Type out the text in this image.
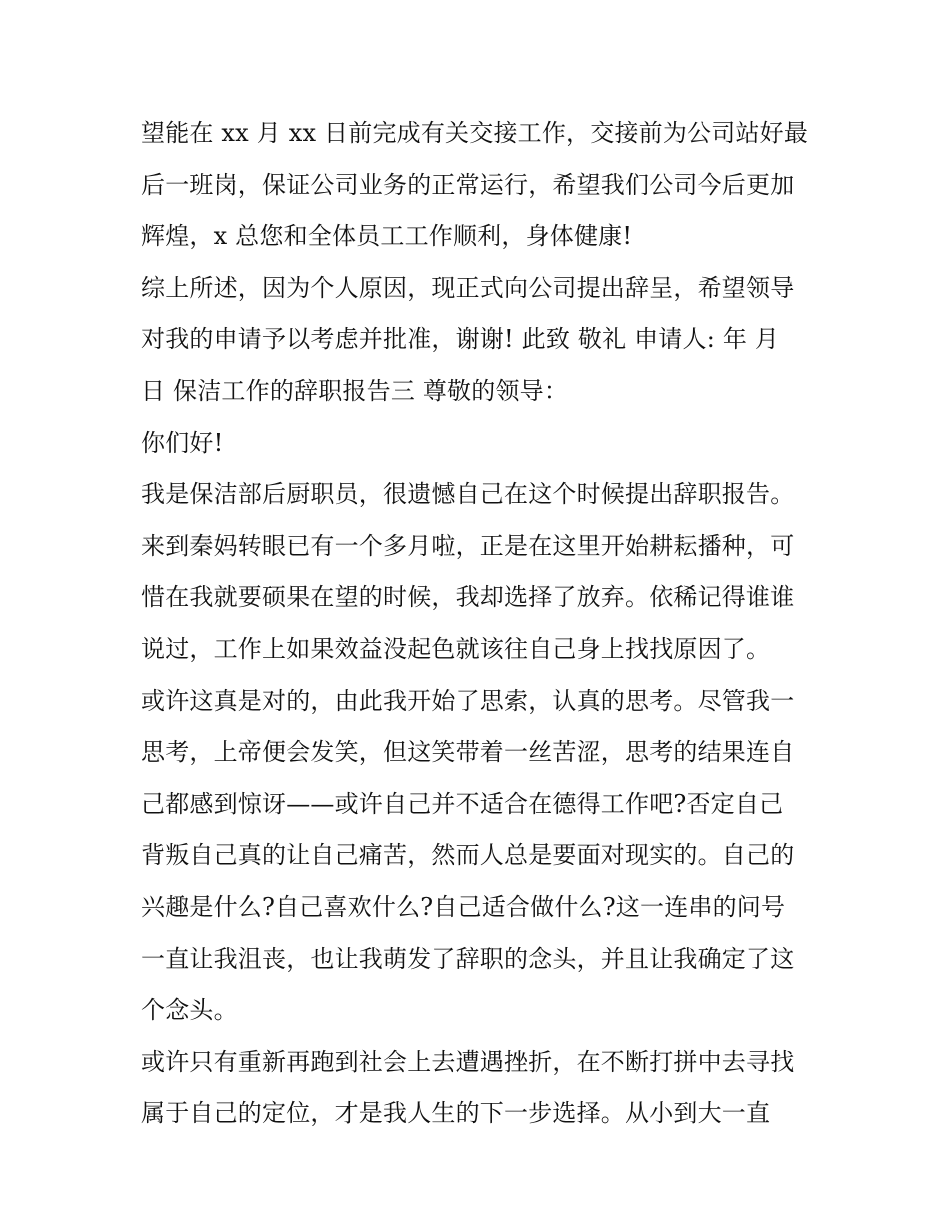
望能在 xx 月 xx 日前完成有关交接工作，交接前为公司站好最
后一班岗，保证公司业务的正常运行，希望我们公司今后更加
辉煌，x 总您和全体员工工作顺利，身体健康!
综上所述，因为个人原因，现正式向公司提出辞呈，希望领导
对我的申请予以考虑并批准，谢谢! 此致 敬礼 申请人: 年 月
日 保洁工作的辞职报告三 尊敬的领导：
你们好!
我是保洁部后厨职员，很遗憾自己在这个时候提出辞职报告。
来到秦妈转眼已有一个多月啦，正是在这里开始耕耘播种，可
惜在我就要硕果在望的时候，我却选择了放弃。依稀记得谁谁
说过，工作上如果效益没起色就该往自己身上找找原因了。
或许这真是对的，由此我开始了思索，认真的思考。尽管我一
思考，上帝便会发笑，但这笑带着一丝苦涩，思考的结果连自
己都感到惊讶——或许自己并不适合在德得工作吧?否定自己
背叛自己真的让自己痛苦，然而人总是要面对现实的。自己的
兴趣是什么?自己喜欢什么?自己适合做什么?这一连串的问号
一直让我沮丧，也让我萌发了辞职的念头，并且让我确定了这
个念头。
或许只有重新再跑到社会上去遭遇挫折，在不断打拼中去寻找
属于自己的定位，才是我人生的下一步选择。从小到大一直
